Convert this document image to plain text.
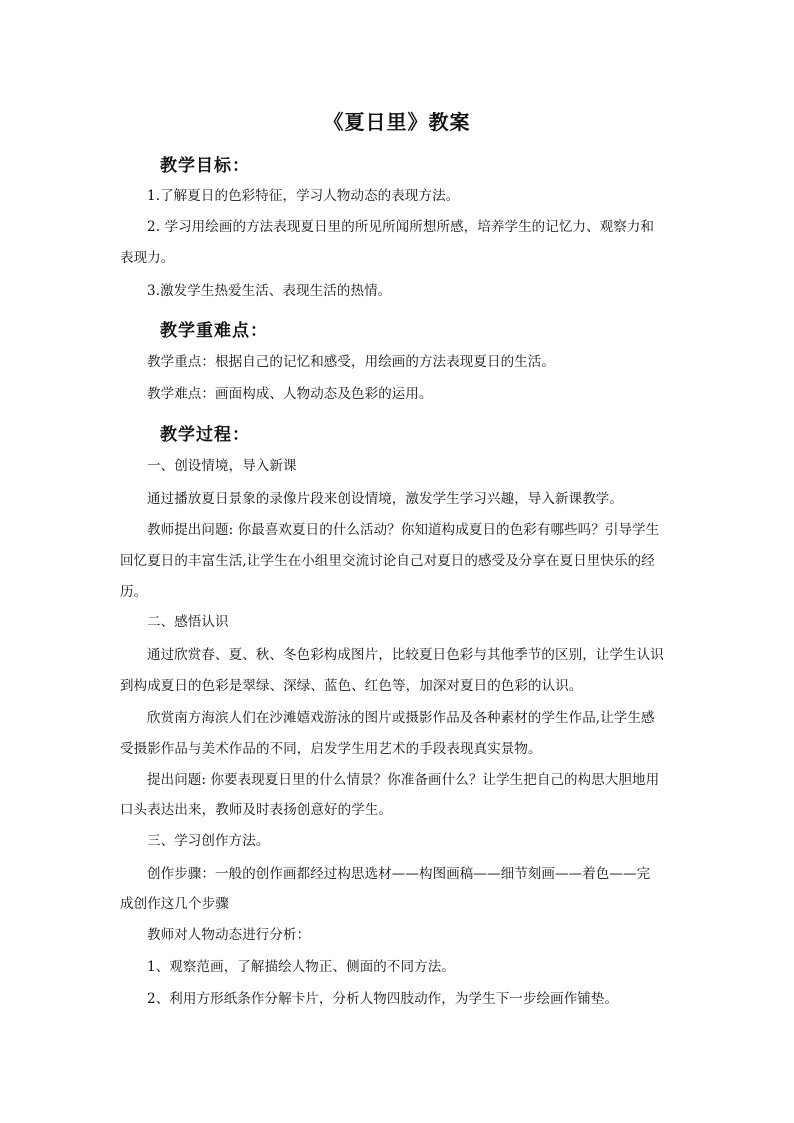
《夏日里》教案
教学目标：
1.了解夏日的色彩特征，学习人物动态的表现方法。
2. 学习用绘画的方法表现夏日里的所见所闻所想所感，培养学生的记忆力、观察力和
表现力。
3.激发学生热爱生活、表现生活的热情。
教学重难点：
教学重点：根据自己的记忆和感受，用绘画的方法表现夏日的生活。
教学难点：画面构成、人物动态及色彩的运用。
教学过程：
一、创设情境，导入新课
通过播放夏日景象的录像片段来创设情境，激发学生学习兴趣，导入新课教学。
教师提出问题: 你最喜欢夏日的什么活动？你知道构成夏日的色彩有哪些吗？引导学生
回忆夏日的丰富生活,让学生在小组里交流讨论自己对夏日的感受及分享在夏日里快乐的经
历。
二、感悟认识
通过欣赏春、夏、秋、冬色彩构成图片，比较夏日色彩与其他季节的区别，让学生认识
到构成夏日的色彩是翠绿、深绿、蓝色、红色等，加深对夏日的色彩的认识。
欣赏南方海滨人们在沙滩嬉戏游泳的图片或摄影作品及各种素材的学生作品,让学生感
受摄影作品与美术作品的不同，启发学生用艺术的手段表现真实景物。
提出问题: 你要表现夏日里的什么情景？你准备画什么？让学生把自己的构思大胆地用
口头表达出来，教师及时表扬创意好的学生。
三、学习创作方法。
创作步骤：一般的创作画都经过构思选材——构图画稿——细节刻画——着色——完
成创作这几个步骤
教师对人物动态进行分析：
1、观察范画，了解描绘人物正、侧面的不同方法。
2、利用方形纸条作分解卡片，分析人物四肢动作，为学生下一步绘画作铺垫。
